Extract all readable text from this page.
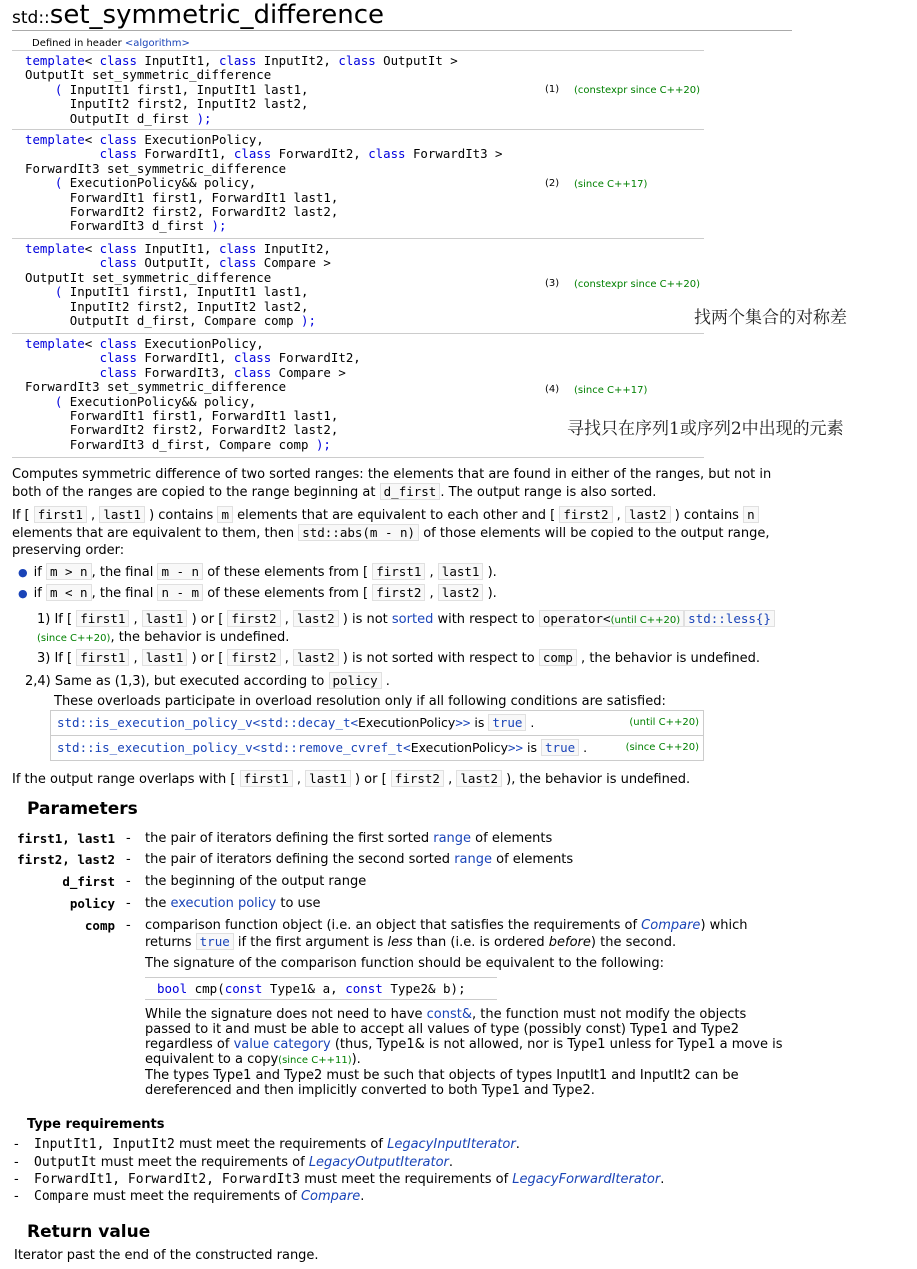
std::set_symmetric_difference
Defined in header <algorithm>
template< class InputIt1, class InputIt2, class OutputIt >
OutputIt set_symmetric_difference
( InputIt1 first1, InputIt1 last1,
InputIt2 first2, InputIt2 last2,
OutputIt d_first );
(1) (constexpr since C++20)
template< class ExecutionPolicy,
class ForwardIt1, class ForwardIt2, class ForwardIt3 >
ForwardIt3 set_symmetric_difference
( ExecutionPolicy&& policy,
ForwardIt1 first1, ForwardIt1 last1,
ForwardIt2 first2, ForwardIt2 last2,
ForwardIt3 d_first );
(2) (since C++17)
template< class InputIt1, class InputIt2,
class OutputIt, class Compare >
OutputIt set_symmetric_difference
( InputIt1 first1, InputIt1 last1,
InputIt2 first2, InputIt2 last2,
OutputIt d_first, Compare comp );
(3) (constexpr since C++20)
template< class ExecutionPolicy,
class ForwardIt1, class ForwardIt2,
class ForwardIt3, class Compare >
ForwardIt3 set_symmetric_difference
( ExecutionPolicy&& policy,
ForwardIt1 first1, ForwardIt1 last1,
ForwardIt2 first2, ForwardIt2 last2,
ForwardIt3 d_first, Compare comp );
(4) (since C++17)
找两个集合的对称差
寻找只在序列1或序列2中出现的元素
Computes symmetric difference of two sorted ranges: the elements that are found in either of the ranges, but not in
both of the ranges are copied to the range beginning at d_first . The output range is also sorted.
If [ first1 , last1 ) contains m elements that are equivalent to each other and [ first2 , last2 ) contains n
elements that are equivalent to them, then std::abs(m - n) of those elements will be copied to the output range,
preserving order:
● if m > n , the final m - n of these elements from [ first1 , last1 ).
● if m < n , the final n - m of these elements from [ first2 , last2 ).
1) If [ first1 , last1 ) or [ first2 , last2 ) is not sorted with respect to operator<(until C++20) std::less{}
(since C++20), the behavior is undefined.
3) If [ first1 , last1 ) or [ first2 , last2 ) is not sorted with respect to comp , the behavior is undefined.
2,4) Same as (1,3), but executed according to policy .
These overloads participate in overload resolution only if all following conditions are satisfied:
std::is_execution_policy_v<std::decay_t<ExecutionPolicy>> is true .	(until C++20)
std::is_execution_policy_v<std::remove_cvref_t<ExecutionPolicy>> is true .	(since C++20)
If the output range overlaps with [ first1 , last1 ) or [ first2 , last2 ), the behavior is undefined.
Parameters
first1, last1 - the pair of iterators defining the first sorted range of elements
first2, last2 - the pair of iterators defining the second sorted range of elements
d_first - the beginning of the output range
policy - the execution policy to use
comp - comparison function object (i.e. an object that satisfies the requirements of Compare) which
returns true if the first argument is less than (i.e. is ordered before) the second.
The signature of the comparison function should be equivalent to the following:
bool cmp(const Type1& a, const Type2& b);
While the signature does not need to have const&, the function must not modify the objects
passed to it and must be able to accept all values of type (possibly const) Type1 and Type2
regardless of value category (thus, Type1& is not allowed, nor is Type1 unless for Type1 a move is
equivalent to a copy(since C++11)).
The types Type1 and Type2 must be such that objects of types InputIt1 and InputIt2 can be
dereferenced and then implicitly converted to both Type1 and Type2.
Type requirements
- InputIt1, InputIt2 must meet the requirements of LegacyInputIterator.
- OutputIt must meet the requirements of LegacyOutputIterator.
- ForwardIt1, ForwardIt2, ForwardIt3 must meet the requirements of LegacyForwardIterator.
- Compare must meet the requirements of Compare.
Return value
Iterator past the end of the constructed range.
